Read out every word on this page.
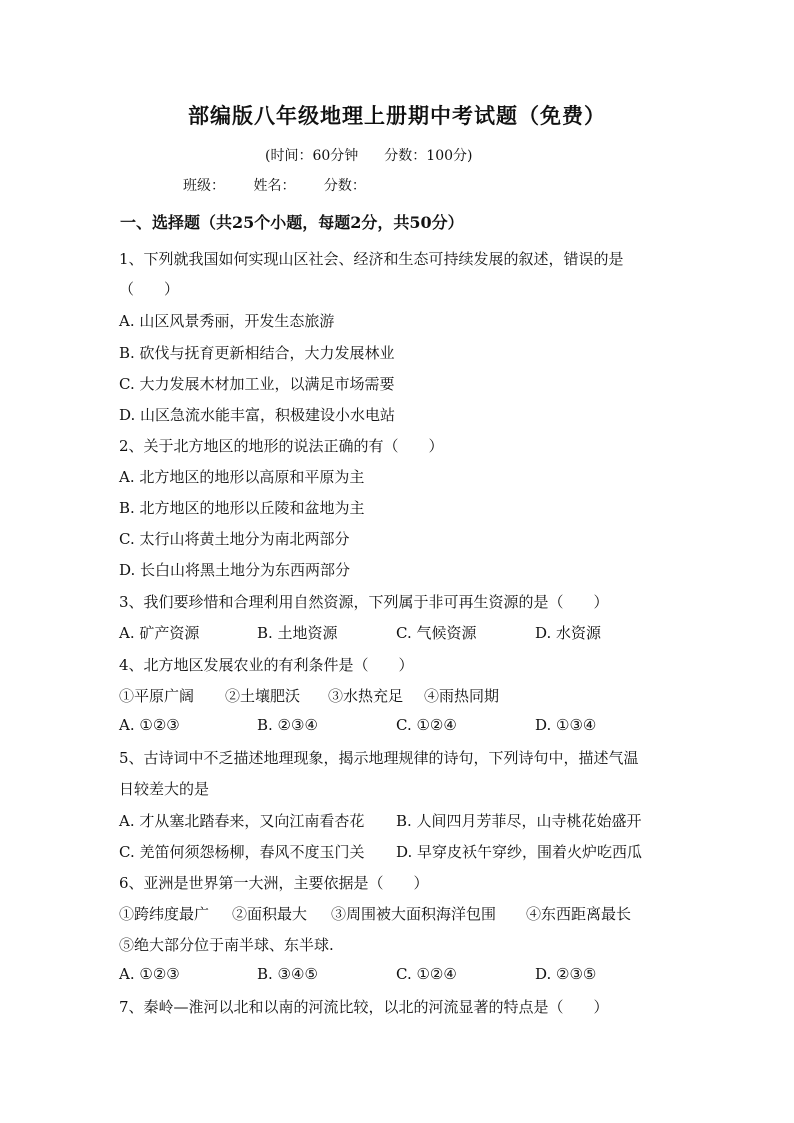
部编版八年级地理上册期中考试题（免费）
(时间：60分钟 分数：100分)
班级： 姓名： 分数：
一、选择题（共25个小题，每题2分，共50分）
1、下列就我国如何实现山区社会、经济和生态可持续发展的叙述，错误的是
（　　）
A. 山区风景秀丽，开发生态旅游
B. 砍伐与抚育更新相结合，大力发展林业
C. 大力发展木材加工业，以满足市场需要
D. 山区急流水能丰富，积极建设小水电站
2、关于北方地区的地形的说法正确的有（　　）
A. 北方地区的地形以高原和平原为主
B. 北方地区的地形以丘陵和盆地为主
C. 太行山将黄土地分为南北两部分
D. 长白山将黑土地分为东西两部分
3、我们要珍惜和合理利用自然资源，下列属于非可再生资源的是（　　）
A. 矿产资源	B. 土地资源	C. 气候资源	D. 水资源
4、北方地区发展农业的有利条件是（　　）
①平原广阔 ②土壤肥沃 ③水热充足 ④雨热同期
A. ①②③	B. ②③④	C. ①②④	D. ①③④
5、古诗词中不乏描述地理现象，揭示地理规律的诗句，下列诗句中，描述气温
日较差大的是
A. 才从塞北踏春来，又向江南看杏花 B. 人间四月芳菲尽，山寺桃花始盛开
C. 羌笛何须怨杨柳，春风不度玉门关 D. 早穿皮袄午穿纱，围着火炉吃西瓜
6、亚洲是世界第一大洲，主要依据是（　　）
①跨纬度最广 ②面积最大 ③周围被大面积海洋包围 ④东西距离最长
⑤绝大部分位于南半球、东半球.
A. ①②③	B. ③④⑤	C. ①②④	D. ②③⑤
7、秦岭—淮河以北和以南的河流比较，以北的河流显著的特点是（　　）
